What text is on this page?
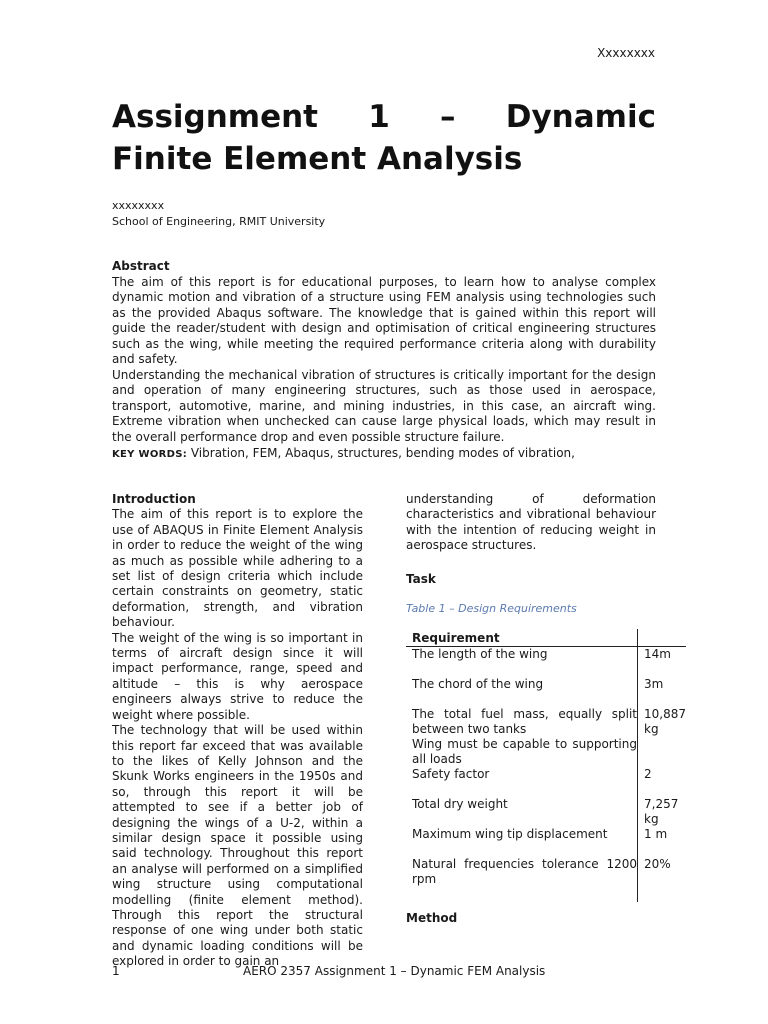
Xxxxxxxx
Assignment 1 – Dynamic
Finite Element Analysis
xxxxxxxx
School of Engineering, RMIT University
Abstract

The aim of this report is for educational purposes, to learn how to analyse complex dynamic motion and vibration of a structure using FEM analysis using technologies such as the provided Abaqus software. The knowledge that is gained within this report will guide the reader/student with design and optimisation of critical engineering structures such as the wing, while meeting the required performance criteria along with durability and safety.

Understanding the mechanical vibration of structures is critically important for the design and operation of many engineering structures, such as those used in aerospace, transport, automotive, marine, and mining industries, in this case, an aircraft wing. Extreme vibration when unchecked can cause large physical loads, which may result in the overall performance drop and even possible structure failure.

KEY WORDS: Vibration, FEM, Abaqus, structures, bending modes of vibration,
Introduction

The aim of this report is to explore the use of ABAQUS in Finite Element Analysis in order to reduce the weight of the wing as much as possible while adhering to a set list of design criteria which include certain constraints on geometry, static deformation, strength, and vibration behaviour.

The weight of the wing is so important in terms of aircraft design since it will impact performance, range, speed and altitude – this is why aerospace engineers always strive to reduce the weight where possible.

The technology that will be used within this report far exceed that was available to the likes of Kelly Johnson and the Skunk Works engineers in the 1950s and so, through this report it will be attempted to see if a better job of designing the wings of a U-2, within a similar design space it possible using said technology. Throughout this report an analyse will performed on a simplified wing structure using computational modelling (finite element method). Through this report the structural response of one wing under both static and dynamic loading conditions will be explored in order to gain an

understanding of deformation characteristics and vibrational behaviour with the intention of reducing weight in aerospace structures.

Task
Table 1 – Design Requirements
Requirement	
The length of the wing	14m

The chord of the wing	3m

The total fuel mass, equally split between two tanks	10,887 kg
Wing must be capable to supporting all loads	
Safety factor	2

Total dry weight	7,257 kg
Maximum wing tip displacement	1 m

Natural frequencies tolerance 1200 rpm	20%

Method
1	AERO 2357 Assignment 1 – Dynamic FEM Analysis
